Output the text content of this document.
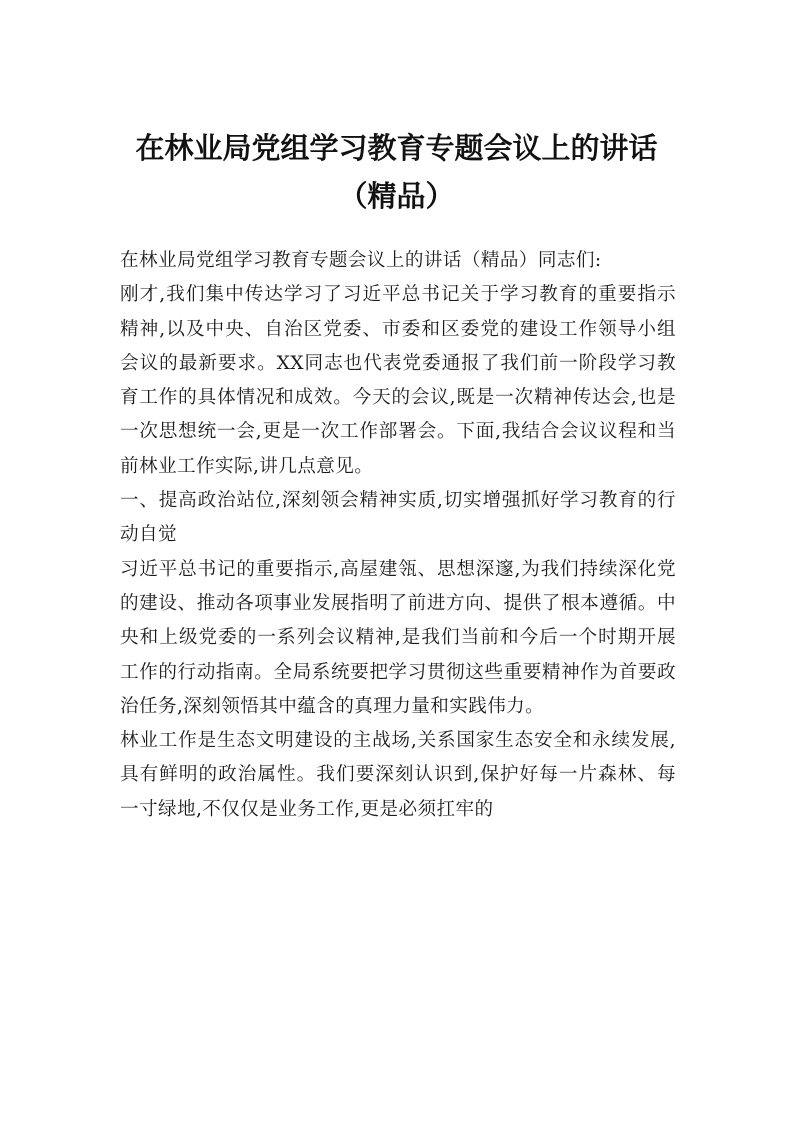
在林业局党组学习教育专题会议上的讲话
（精品）

在林业局党组学习教育专题会议上的讲话（精品）同志们:

刚才,我们集中传达学习了习近平总书记关于学习教育的重要指示精神,以及中央、自治区党委、市委和区委党的建设工作领导小组会议的最新要求。XX同志也代表党委通报了我们前一阶段学习教育工作的具体情况和成效。今天的会议,既是一次精神传达会,也是一次思想统一会,更是一次工作部署会。下面,我结合会议议程和当前林业工作实际,讲几点意见。

一、提高政治站位,深刻领会精神实质,切实增强抓好学习教育的行动自觉

习近平总书记的重要指示,高屋建瓴、思想深邃,为我们持续深化党的建设、推动各项事业发展指明了前进方向、提供了根本遵循。中央和上级党委的一系列会议精神,是我们当前和今后一个时期开展工作的行动指南。全局系统要把学习贯彻这些重要精神作为首要政治任务,深刻领悟其中蕴含的真理力量和实践伟力。

林业工作是生态文明建设的主战场,关系国家生态安全和永续发展,具有鲜明的政治属性。我们要深刻认识到,保护好每一片森林、每一寸绿地,不仅仅是业务工作,更是必须扛牢的
